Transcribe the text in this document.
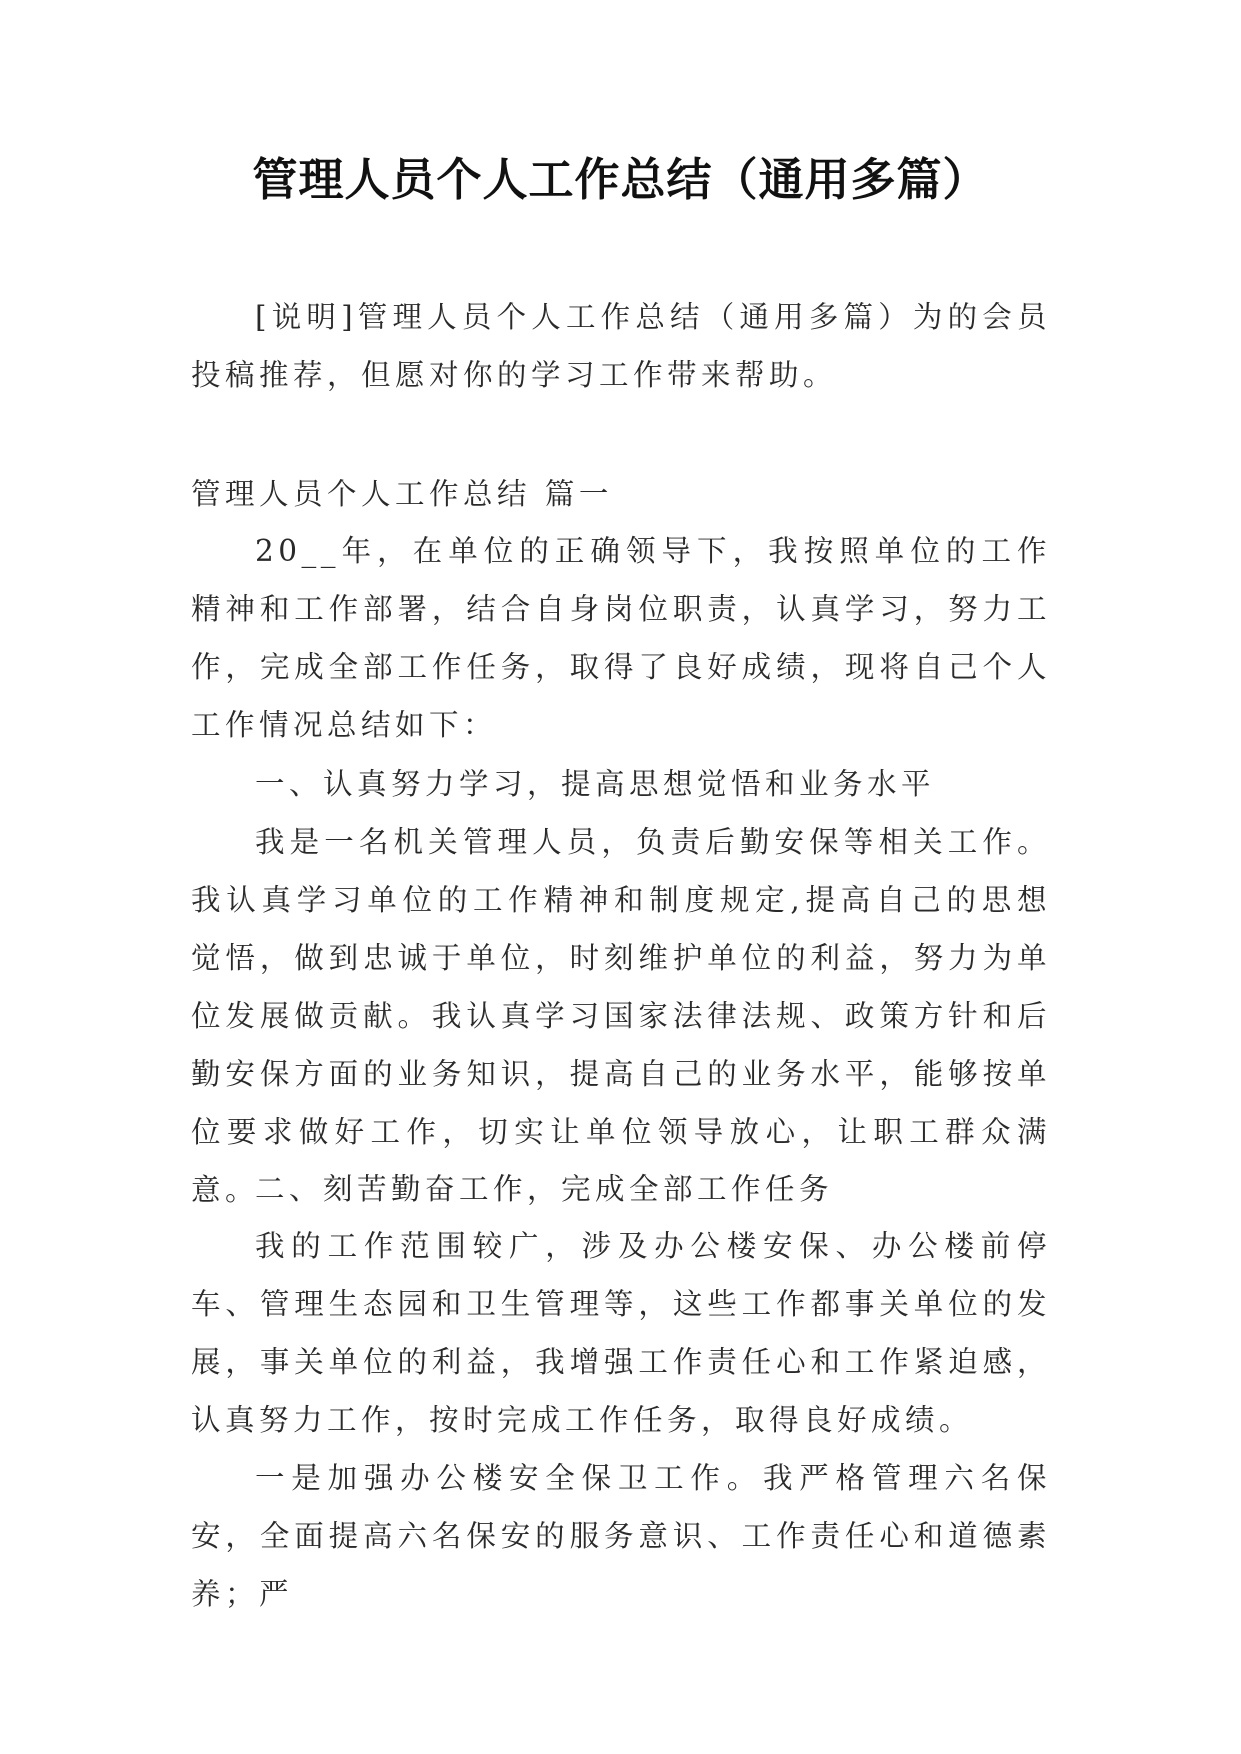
管理人员个人工作总结（通用多篇）

[说明]管理人员个人工作总结（通用多篇）为的会员投稿推荐，但愿对你的学习工作带来帮助。

管理人员个人工作总结 篇一

20__年，在单位的正确领导下，我按照单位的工作精神和工作部署，结合自身岗位职责，认真学习，努力工作，完成全部工作任务，取得了良好成绩，现将自己个人工作情况总结如下：

一、认真努力学习，提高思想觉悟和业务水平

我是一名机关管理人员，负责后勤安保等相关工作。我认真学习单位的工作精神和制度规定,提高自己的思想觉悟，做到忠诚于单位，时刻维护单位的利益，努力为单位发展做贡献。我认真学习国家法律法规、政策方针和后勤安保方面的业务知识，提高自己的业务水平，能够按单位要求做好工作，切实让单位领导放心，让职工群众满意。

二、刻苦勤奋工作，完成全部工作任务

我的工作范围较广，涉及办公楼安保、办公楼前停车、管理生态园和卫生管理等，这些工作都事关单位的发展，事关单位的利益，我增强工作责任心和工作紧迫感，认真努力工作，按时完成工作任务，取得良好成绩。

一是加强办公楼安全保卫工作。我严格管理六名保安，全面提高六名保安的服务意识、工作责任心和道德素养；严
